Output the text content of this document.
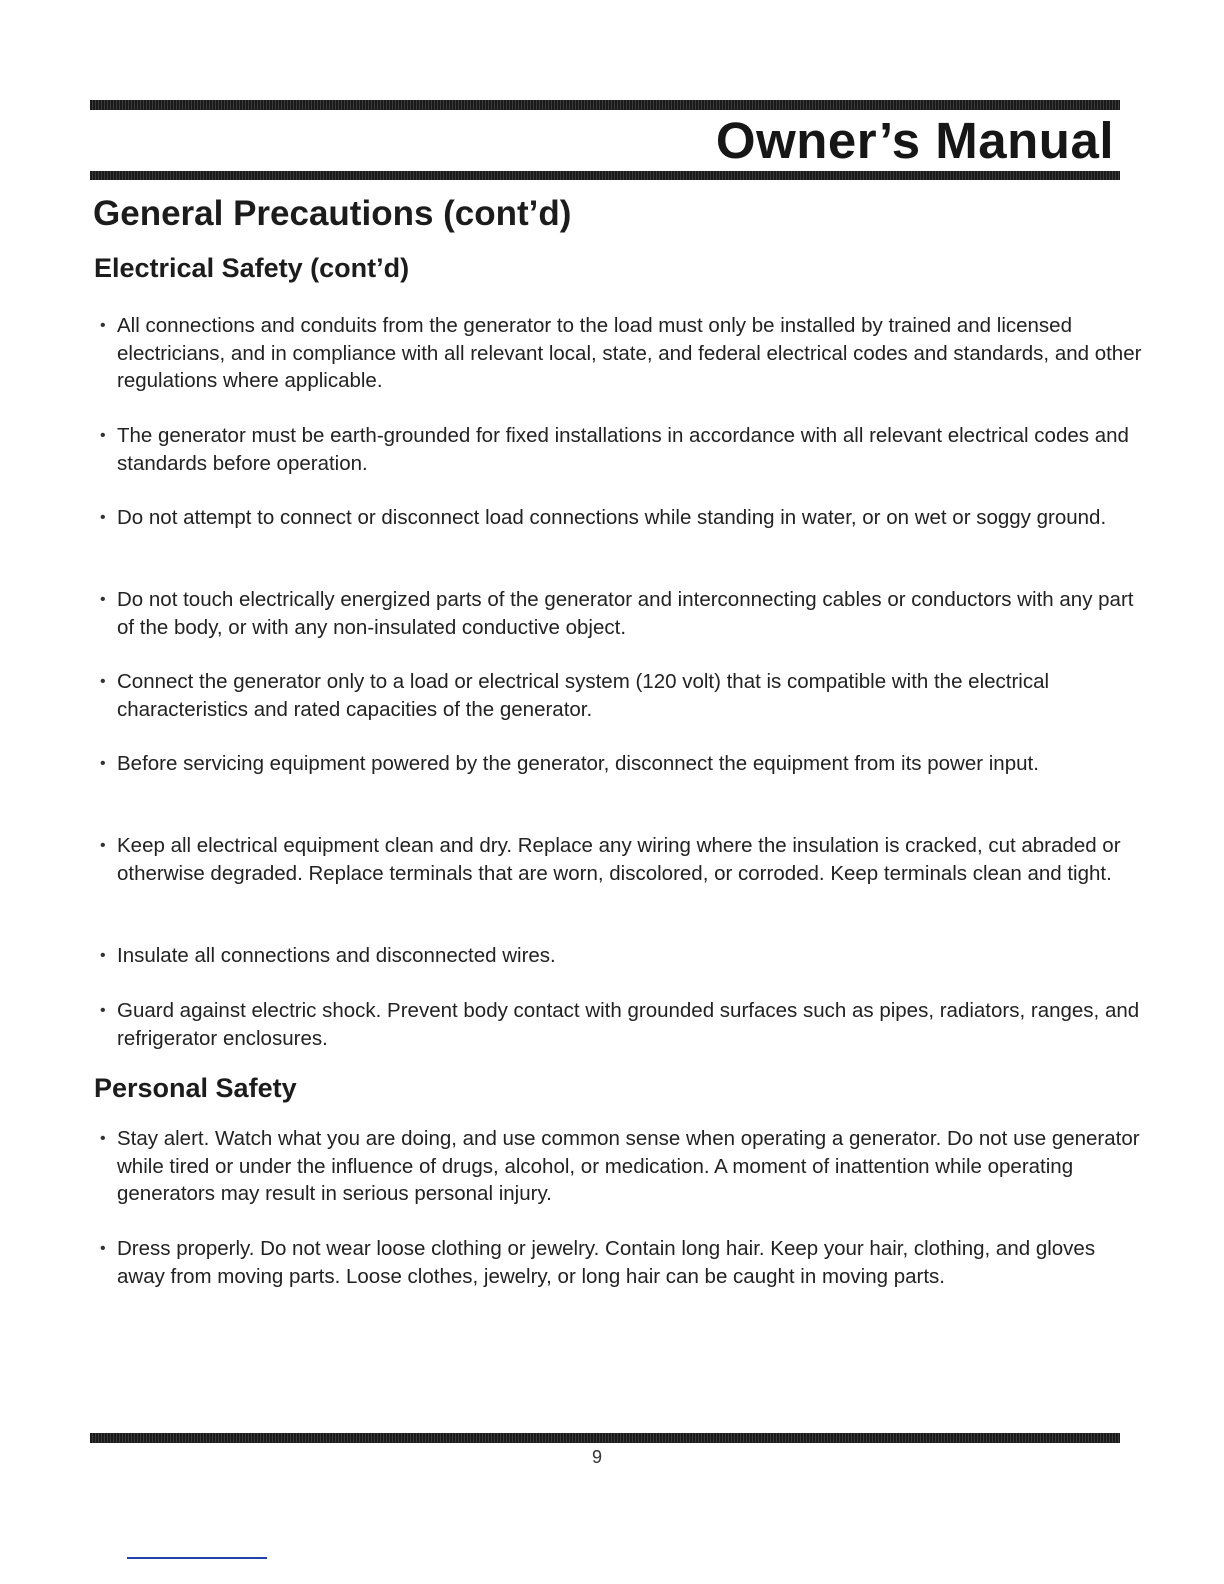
Owner’s Manual
General Precautions (cont’d)
Electrical Safety (cont’d)

• All connections and conduits from the generator to the load must only be installed by trained and licensed electricians, and in compliance with all relevant local, state, and federal electrical codes and standards, and other regulations where applicable.

• The generator must be earth-grounded for fixed installations in accordance with all relevant electrical codes and standards before operation.

• Do not attempt to connect or disconnect load connections while standing in water, or on wet or soggy ground.

• Do not touch electrically energized parts of the generator and interconnecting cables or conductors with any part of the body, or with any non-insulated conductive object.

• Connect the generator only to a load or electrical system (120 volt) that is compatible with the electrical characteristics and rated capacities of the generator.

• Before servicing equipment powered by the generator, disconnect the equipment from its power input.

• Keep all electrical equipment clean and dry. Replace any wiring where the insulation is cracked, cut abraded or otherwise degraded. Replace terminals that are worn, discolored, or corroded. Keep terminals clean and tight.

• Insulate all connections and disconnected wires.

• Guard against electric shock. Prevent body contact with grounded surfaces such as pipes, radiators, ranges, and refrigerator enclosures.

Personal Safety

• Stay alert. Watch what you are doing, and use common sense when operating a generator. Do not use generator while tired or under the influence of drugs, alcohol, or medication. A moment of inattention while operating generators may result in serious personal injury.

• Dress properly. Do not wear loose clothing or jewelry. Contain long hair. Keep your hair, clothing, and gloves away from moving parts. Loose clothes, jewelry, or long hair can be caught in moving parts.

9
